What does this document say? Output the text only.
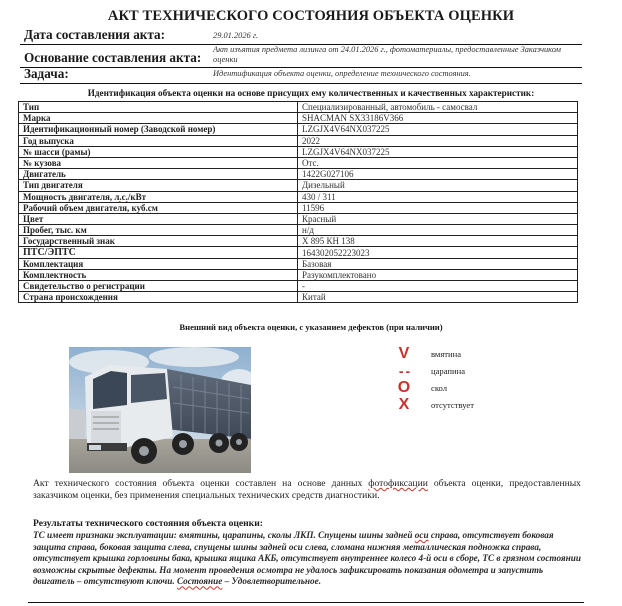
АКТ ТЕХНИЧЕСКОГО СОСТОЯНИЯ ОБЪЕКТА ОЦЕНКИ
Дата составления акта:	29.01.2026 г.
Основание составления акта:
Акт изъятия предмета лизинга от 24.01.2026 г., фотоматериалы, предоставленные Заказчиком оценки
Задача:	Идентификация объекта оценки, определение технического состояния.
Идентификация объекта оценки на основе присущих ему количественных и качественных характеристик:
Тип	Специализированный, автомобиль - самосвал
Марка	SHACMAN SX33186V366
Идентификационный номер (Заводской номер)	LZGJX4V64NX037225
Год выпуска	2022
№ шасси (рамы)	LZGJX4V64NX037225
№ кузова	Отс.
Двигатель	1422G027106
Тип двигателя	Дизельный
Мощность двигателя, л.с./кВт	430 / 311
Рабочий объем двигателя, куб.см	11596
Цвет	Красный
Пробег, тыс. км	н/д
Государственный знак	Х 895 КН 138
ПТС/ЭПТС	164302052223023
Комплектация	Базовая
Комплектность	Разукомплектовано
Свидетельство о регистрации	-
Страна происхождения	Китай
Внешний вид объекта оценки, с указанием дефектов (при наличии)
V	вмятина
- -	царапина
O	скол
X	отсутствует
Акт технического состояния объекта оценки составлен на основе данных фотофиксации объекта оценки, предоставленных заказчиком оценки, без применения специальных технических средств диагностики.
Результаты технического состояния объекта оценки:
ТС имеет признаки эксплуатации: вмятины, царапины, сколы ЛКП. Спущены шины задней оси справа, отсутствует боковая защита справа, боковая защита слева, спущены шины задней оси слева, сломана нижняя металлическая подножка справа, отсутствует крышка горловины бака, крышка ящика АКБ, отсутствует внутреннее колесо 4-й оси в сборе, ТС в грязном состоянии возможны скрытые дефекты. На момент проведения осмотра не удалось зафиксировать показания одометра и запустить двигатель – отсутствуют ключи. Состояние – Удовлетворительное.
